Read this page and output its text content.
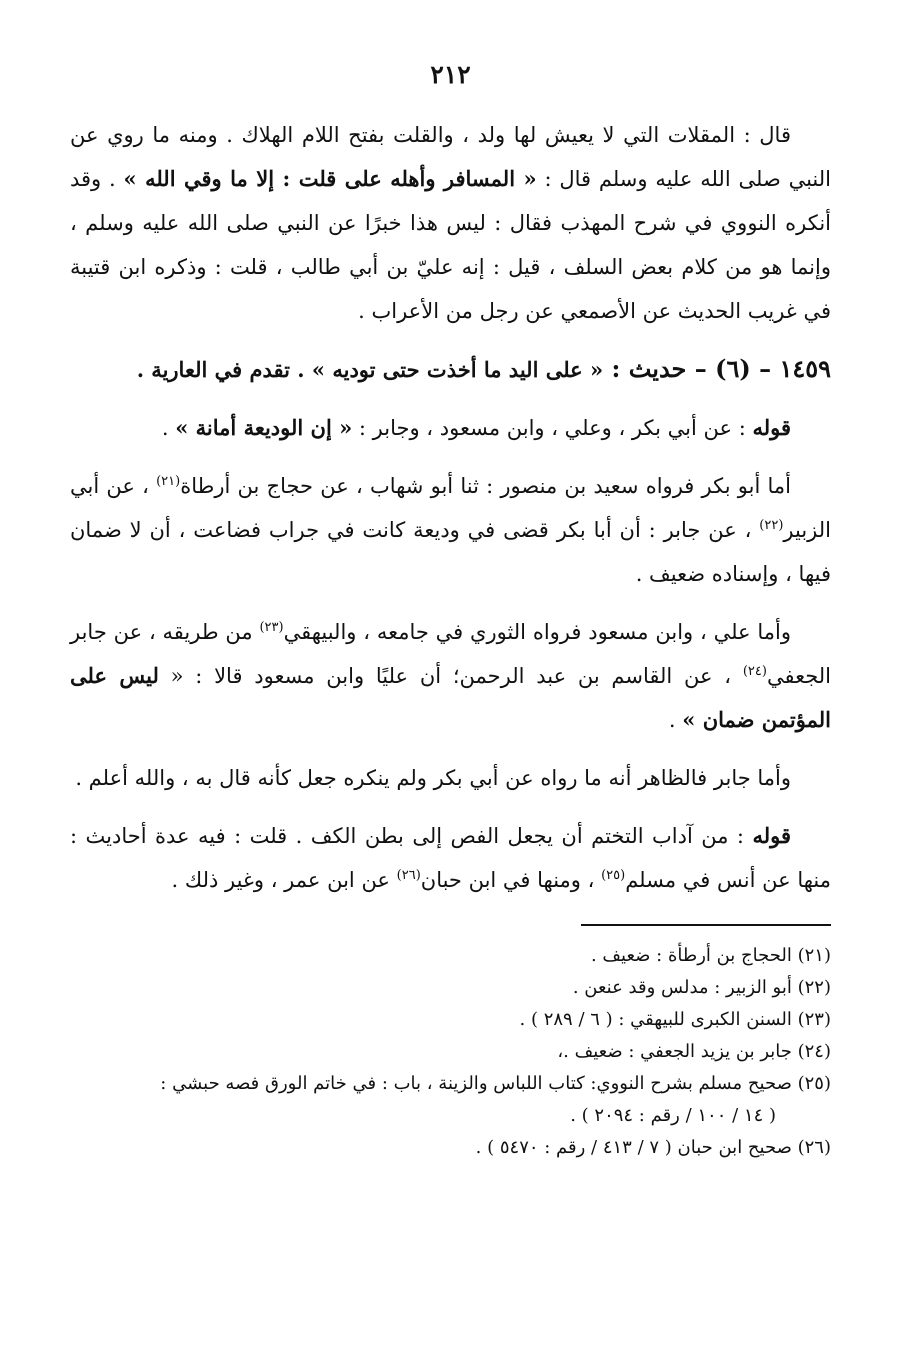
٢١٢

قال : المقلات التي لا يعيش لها ولد ، والقلت بفتح اللام الهلاك . ومنه ما روي عن النبي صلى الله عليه وسلم قال : « المسافر وأهله على قلت : إلا ما وقي الله » . وقد أنكره النووي في شرح المهذب فقال : ليس هذا خبرًا عن النبي صلى الله عليه وسلم ، وإنما هو من كلام بعض السلف ، قيل : إنه عليّ بن أبي طالب ، قلت : وذكره ابن قتيبة في غريب الحديث عن الأصمعي عن رجل من الأعراب .

١٤٥٩ – (٦) – حديث : « على اليد ما أخذت حتى توديه » . تقدم في العارية .

قوله : عن أبي بكر ، وعلي ، وابن مسعود ، وجابر : « إن الوديعة أمانة » .

أما أبو بكر فرواه سعيد بن منصور : ثنا أبو شهاب ، عن حجاج بن أرطاة$^{(٢١)}$ ، عن أبي الزبير$^{(٢٢)}$ ، عن جابر : أن أبا بكر قضى في وديعة كانت في جراب فضاعت ، أن لا ضمان فيها ، وإسناده ضعيف .

وأما علي ، وابن مسعود فرواه الثوري في جامعه ، والبيهقي$^{(٢٣)}$ من طريقه ، عن جابر الجعفي$^{(٢٤)}$ ، عن القاسم بن عبد الرحمن؛ أن عليًا وابن مسعود قالا : « ليس على المؤتمن ضمان » .

وأما جابر فالظاهر أنه ما رواه عن أبي بكر ولم ينكره جعل كأنه قال به ، والله أعلم .

قوله : من آداب التختم أن يجعل الفص إلى بطن الكف . قلت : فيه عدة أحاديث : منها عن أنس في مسلم$^{(٢٥)}$ ، ومنها في ابن حبان$^{(٢٦)}$ عن ابن عمر ، وغير ذلك .

(٢١) الحجاج بن أرطأة : ضعيف .
(٢٢) أبو الزبير : مدلس وقد عنعن .
(٢٣) السنن الكبرى للبيهقي : ( ٦ / ٢٨٩ ) .
(٢٤) جابر بن يزيد الجعفي : ضعيف .،
(٢٥) صحيح مسلم بشرح النووي: كتاب اللباس والزينة ، باب : في خاتم الورق فصه حبشي :
( ١٤ / ١٠٠ / رقم : ٢٠٩٤ ) .
(٢٦) صحيح ابن حبان ( ٧ / ٤١٣ / رقم : ٥٤٧٠ ) .
